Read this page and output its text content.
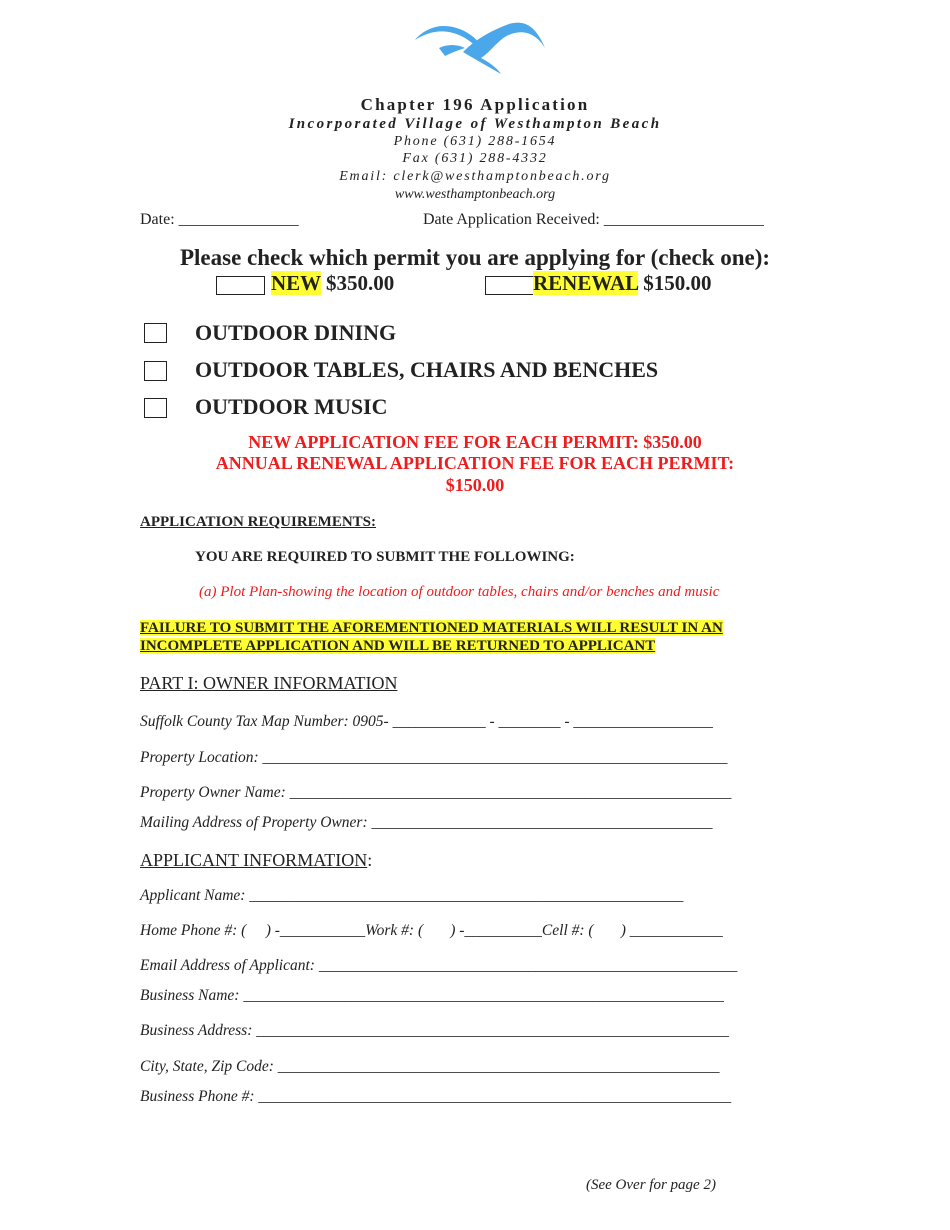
Chapter 196 Application
Incorporated Village of Westhampton Beach
Phone (631) 288-1654
Fax (631) 288-4332
Email: clerk@westhamptonbeach.org
www.westhamptonbeach.org
Date: _______________	Date Application Received: ____________________
Please check which permit you are applying for (check one):
NEW $350.00	RENEWAL $150.00
OUTDOOR DINING
OUTDOOR TABLES, CHAIRS AND BENCHES
OUTDOOR MUSIC
NEW APPLICATION FEE FOR EACH PERMIT: $350.00
ANNUAL RENEWAL APPLICATION FEE FOR EACH PERMIT:
$150.00
APPLICATION REQUIREMENTS:
YOU ARE REQUIRED TO SUBMIT THE FOLLOWING:
(a) Plot Plan-showing the location of outdoor tables, chairs and/or benches and music
FAILURE TO SUBMIT THE AFOREMENTIONED MATERIALS WILL RESULT IN AN
INCOMPLETE APPLICATION AND WILL BE RETURNED TO APPLICANT
PART I: OWNER INFORMATION
Suffolk County Tax Map Number: 0905- ____________ - ________ - __________________
Property Location: ____________________________________________________________
Property Owner Name: _________________________________________________________
Mailing Address of Property Owner: ____________________________________________
APPLICANT INFORMATION:
Applicant Name: ________________________________________________________
Home Phone #: (     ) -___________Work #: (       ) -__________Cell #: (       ) ____________
Email Address of Applicant: ______________________________________________________
Business Name: ______________________________________________________________
Business Address: _____________________________________________________________
City, State, Zip Code: _________________________________________________________
Business Phone #: _____________________________________________________________
(See Over for page 2)
